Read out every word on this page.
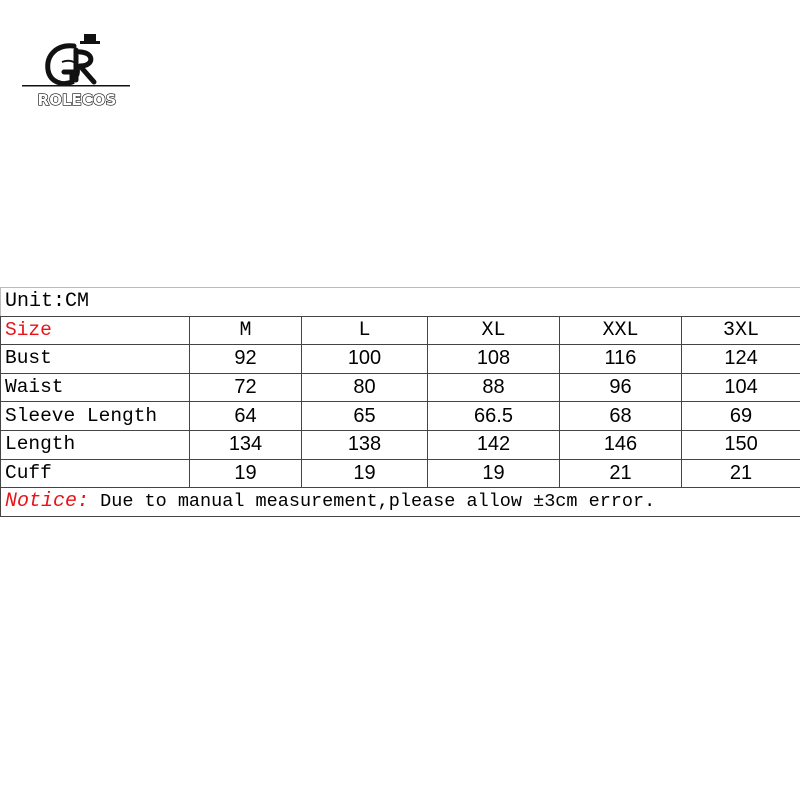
ROLECOS
Unit:CM					
Size	M	L	XL	XXL	3XL
Bust	92	100	108	116	124
Waist	72	80	88	96	104
Sleeve Length	64	65	66.5	68	69
Length	134	138	142	146	150
Cuff	19	19	19	21	21
Notice: Due to manual measurement,please allow ±3cm error.					
